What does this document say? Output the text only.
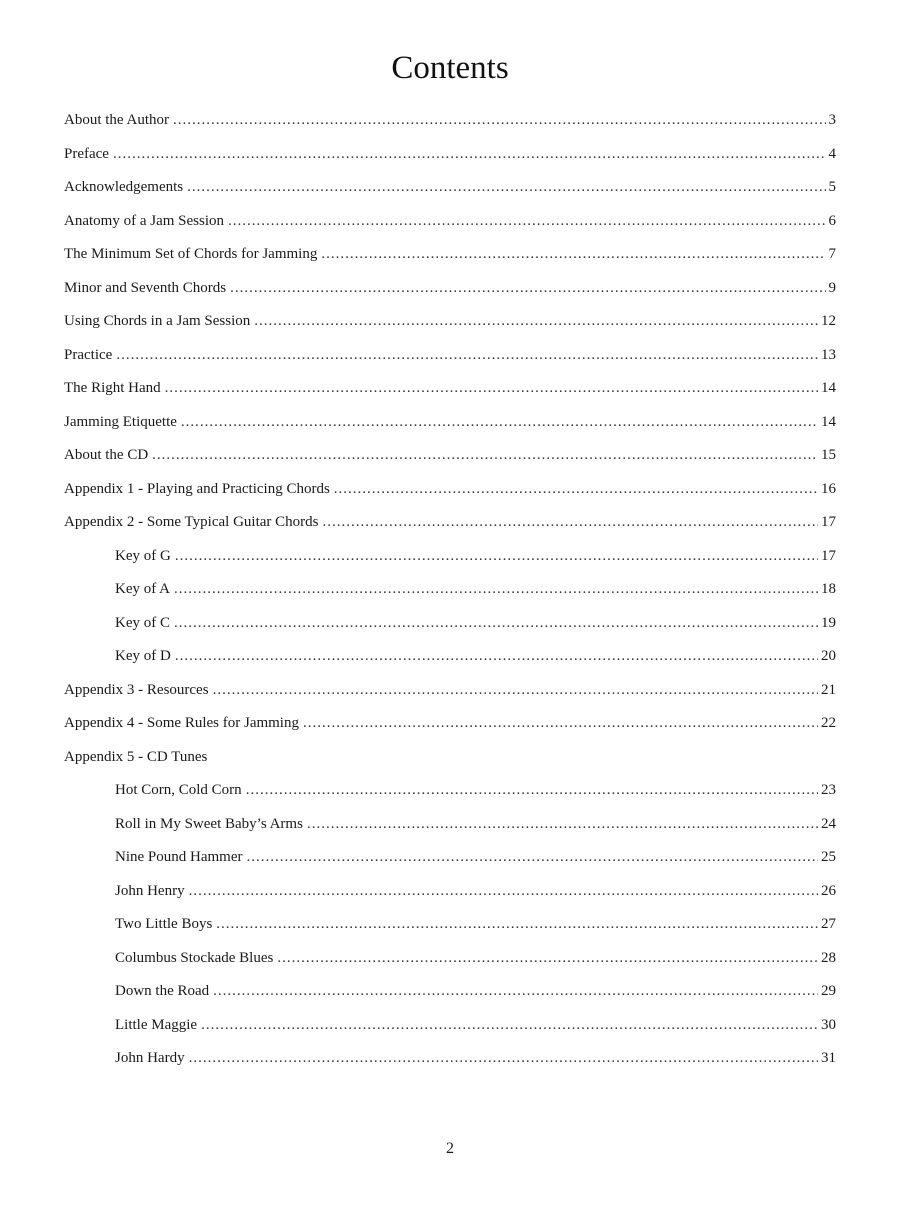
Contents
About the Author .....	3
Preface .....	4
Acknowledgements .....	5
Anatomy of a Jam Session .....	6
The Minimum Set of Chords for Jamming .....	7
Minor and Seventh Chords .....	9
Using Chords in a Jam Session .....	12
Practice .....	13
The Right Hand .....	14
Jamming Etiquette .....	14
About the CD .....	15
Appendix 1 - Playing and Practicing Chords .....	16
Appendix 2 - Some Typical Guitar Chords .....	17
Key of G .....	17
Key of A .....	18
Key of C .....	19
Key of D .....	20
Appendix 3 - Resources .....	21
Appendix 4 - Some Rules for Jamming .....	22
Appendix 5 - CD Tunes
Hot Corn, Cold Corn .....	23
Roll in My Sweet Baby’s Arms .....	24
Nine Pound Hammer .....	25
John Henry .....	26
Two Little Boys .....	27
Columbus Stockade Blues .....	28
Down the Road .....	29
Little Maggie .....	30
John Hardy .....	31
2
